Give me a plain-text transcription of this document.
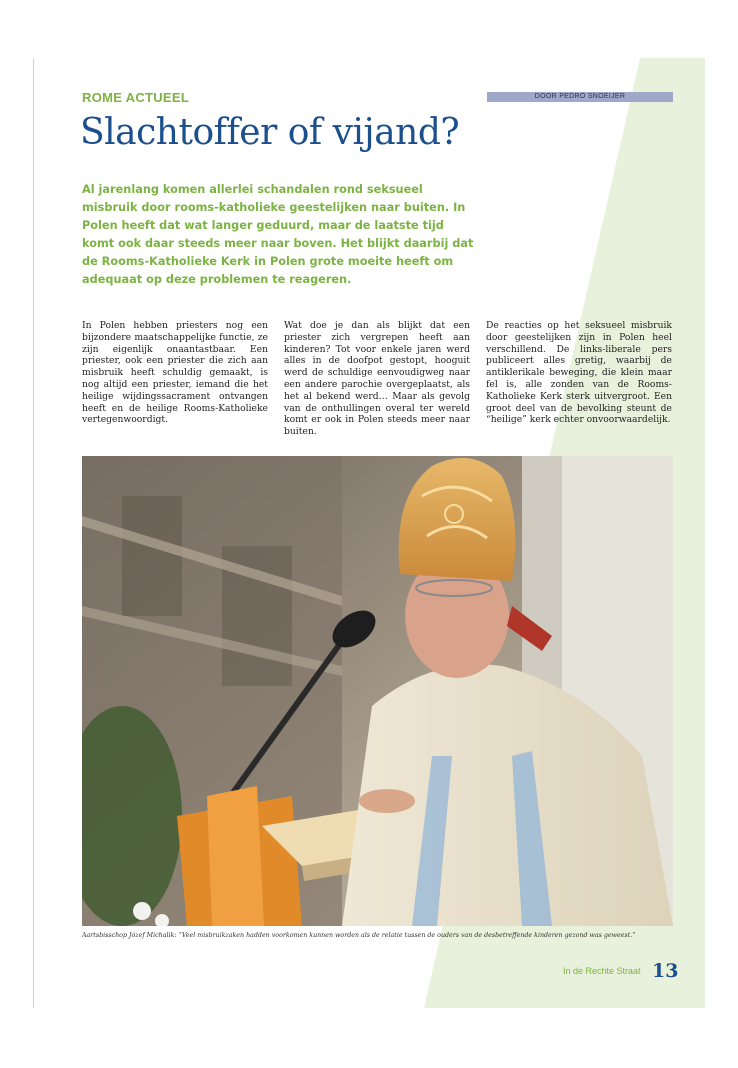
ROME ACTUEEL	DOOR PEDRO SNOEIJER
Slachtoffer of vijand?

Al jarenlang komen allerlei schandalen rond seksueel misbruik door rooms-katholieke geestelijken naar buiten. In Polen heeft dat wat langer geduurd, maar de laatste tijd komt ook daar steeds meer naar boven. Het blijkt daarbij dat de Rooms-Katholieke Kerk in Polen grote moeite heeft om adequaat op deze problemen te reageren.

In Polen hebben priesters nog een bijzondere maatschappelijke functie, ze zijn eigenlijk onaantastbaar. Een priester, ook een priester die zich aan misbruik heeft schuldig gemaakt, is nog altijd een priester, iemand die het heilige wijdingssacrament ontvangen heeft en de heilige Rooms-Katholieke vertegenwoordigt.

Wat doe je dan als blijkt dat een priester zich vergrepen heeft aan kinderen? Tot voor enkele jaren werd alles in de doofpot gestopt, hooguit werd de schuldige eenvoudigweg naar een andere parochie overgeplaatst, als het al bekend werd… Maar als gevolg van de onthullingen overal ter wereld komt er ook in Polen steeds meer naar buiten.

De reacties op het seksueel misbruik door geestelijken zijn in Polen heel verschillend. De links-liberale pers publiceert alles gretig, waarbij de antiklerikale beweging, die klein maar fel is, alle zonden van de Rooms-Katholieke Kerk sterk uitvergroot. Een groot deel van de bevolking steunt de “heilige” kerk echter onvoorwaardelijk.

Aartsbisschop Józef Michalik: “Veel misbruikzaken hadden voorkomen kunnen worden als de relatie tussen de ouders van de desbetreffende kinderen gezond was geweest.”
In de Rechte Straat 13
